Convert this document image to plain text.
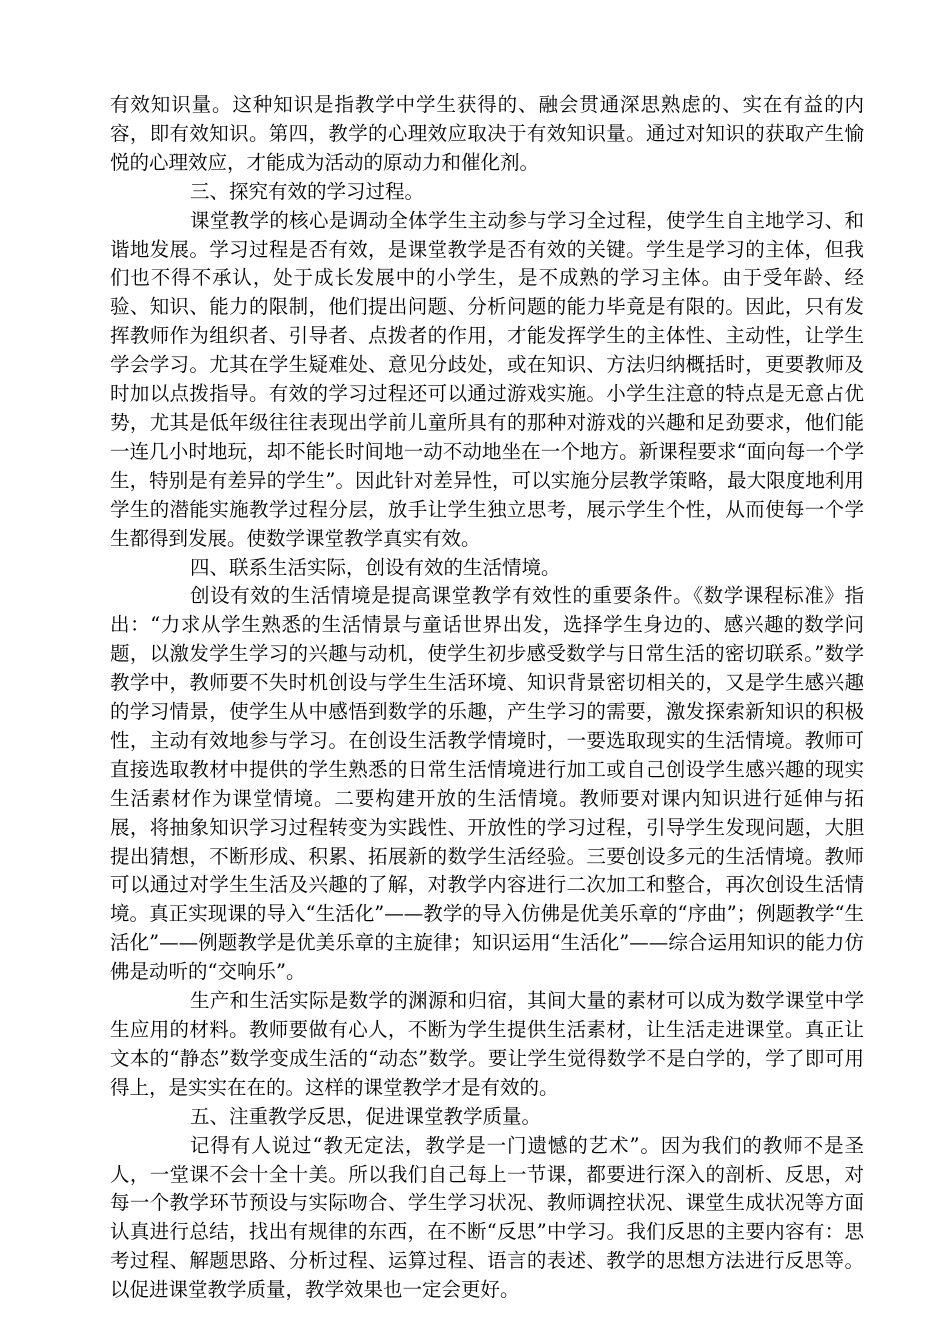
有效知识量。这种知识是指教学中学生获得的、融会贯通深思熟虑的、实在有益的内容，即有效知识。第四，教学的心理效应取决于有效知识量。通过对知识的获取产生愉悦的心理效应，才能成为活动的原动力和催化剂。

三、探究有效的学习过程。

课堂教学的核心是调动全体学生主动参与学习全过程，使学生自主地学习、和谐地发展。学习过程是否有效，是课堂教学是否有效的关键。学生是学习的主体，但我们也不得不承认，处于成长发展中的小学生，是不成熟的学习主体。由于受年龄、经验、知识、能力的限制，他们提出问题、分析问题的能力毕竟是有限的。因此，只有发挥教师作为组织者、引导者、点拨者的作用，才能发挥学生的主体性、主动性，让学生学会学习。尤其在学生疑难处、意见分歧处，或在知识、方法归纳概括时，更要教师及时加以点拨指导。有效的学习过程还可以通过游戏实施。小学生注意的特点是无意占优势，尤其是低年级往往表现出学前儿童所具有的那种对游戏的兴趣和足劲要求，他们能一连几小时地玩，却不能长时间地一动不动地坐在一个地方。新课程要求“面向每一个学生，特别是有差异的学生”。因此针对差异性，可以实施分层教学策略，最大限度地利用学生的潜能实施教学过程分层，放手让学生独立思考，展示学生个性，从而使每一个学生都得到发展。使数学课堂教学真实有效。

四、联系生活实际，创设有效的生活情境。

创设有效的生活情境是提高课堂教学有效性的重要条件。《数学课程标准》指出：“力求从学生熟悉的生活情景与童话世界出发，选择学生身边的、感兴趣的数学问题，以激发学生学习的兴趣与动机，使学生初步感受数学与日常生活的密切联系。”数学教学中，教师要不失时机创设与学生生活环境、知识背景密切相关的，又是学生感兴趣的学习情景，使学生从中感悟到数学的乐趣，产生学习的需要，激发探索新知识的积极性，主动有效地参与学习。在创设生活教学情境时，一要选取现实的生活情境。教师可直接选取教材中提供的学生熟悉的日常生活情境进行加工或自己创设学生感兴趣的现实生活素材作为课堂情境。二要构建开放的生活情境。教师要对课内知识进行延伸与拓展，将抽象知识学习过程转变为实践性、开放性的学习过程，引导学生发现问题，大胆提出猜想，不断形成、积累、拓展新的数学生活经验。三要创设多元的生活情境。教师可以通过对学生生活及兴趣的了解，对教学内容进行二次加工和整合，再次创设生活情境。真正实现课的导入“生活化”——教学的导入仿佛是优美乐章的“序曲”；例题教学“生活化”——例题教学是优美乐章的主旋律；知识运用“生活化”——综合运用知识的能力仿佛是动听的“交响乐”。

生产和生活实际是数学的渊源和归宿，其间大量的素材可以成为数学课堂中学生应用的材料。教师要做有心人，不断为学生提供生活素材，让生活走进课堂。真正让文本的“静态”数学变成生活的“动态”数学。要让学生觉得数学不是白学的，学了即可用得上，是实实在在的。这样的课堂教学才是有效的。

五、注重教学反思，促进课堂教学质量。

记得有人说过“教无定法，教学是一门遗憾的艺术”。因为我们的教师不是圣人，一堂课不会十全十美。所以我们自己每上一节课，都要进行深入的剖析、反思，对每一个教学环节预设与实际吻合、学生学习状况、教师调控状况、课堂生成状况等方面认真进行总结，找出有规律的东西，在不断“反思”中学习。我们反思的主要内容有：思考过程、解题思路、分析过程、运算过程、语言的表述、教学的思想方法进行反思等。以促进课堂教学质量，教学效果也一定会更好。
